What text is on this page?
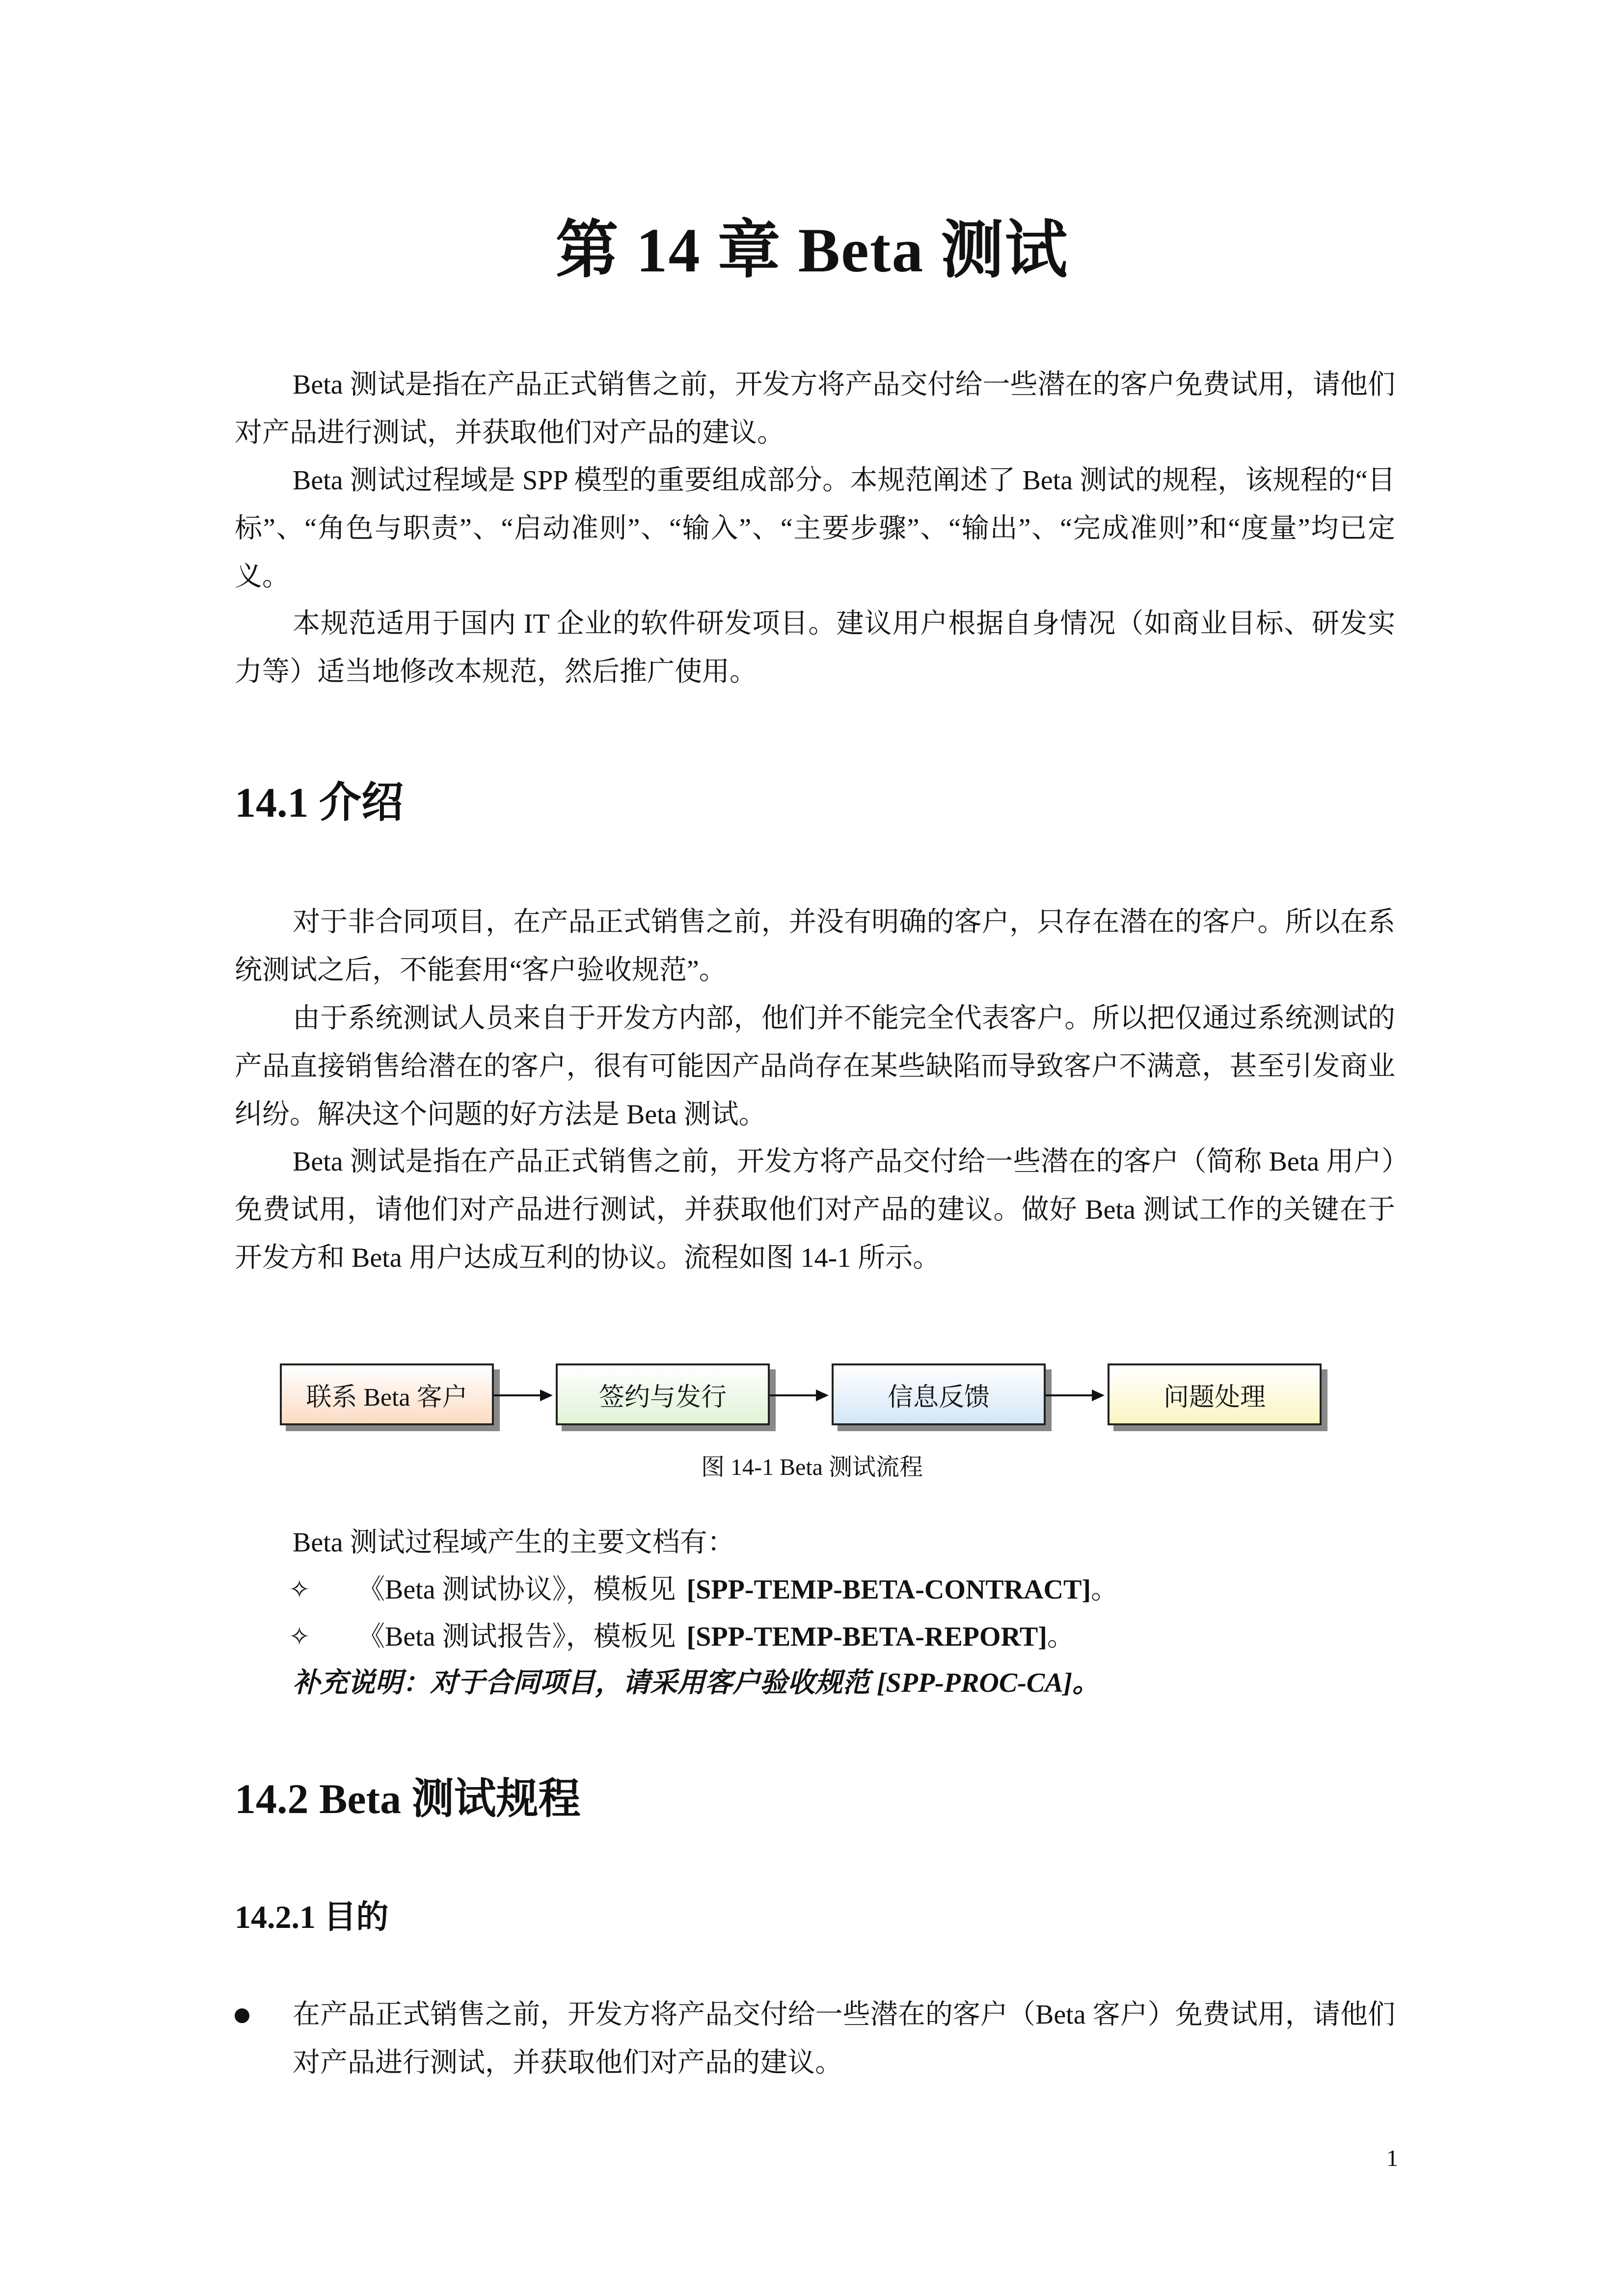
第 14 章 Beta 测试
Beta 测试是指在产品正式销售之前，开发方将产品交付给一些潜在的客户免费试用，请他们对产品进行测试，并获取他们对产品的建议。
Beta 测试过程域是 SPP 模型的重要组成部分。本规范阐述了 Beta 测试的规程，该规程的“目标”、“角色与职责”、“启动准则”、“输入”、“主要步骤”、“输出”、“完成准则”和“度量”均已定义。
本规范适用于国内 IT 企业的软件研发项目。建议用户根据自身情况（如商业目标、研发实力等）适当地修改本规范，然后推广使用。
14.1 介绍
对于非合同项目，在产品正式销售之前，并没有明确的客户，只存在潜在的客户。所以在系统测试之后，不能套用“客户验收规范”。
由于系统测试人员来自于开发方内部，他们并不能完全代表客户。所以把仅通过系统测试的产品直接销售给潜在的客户，很有可能因产品尚存在某些缺陷而导致客户不满意，甚至引发商业纠纷。解决这个问题的好方法是 Beta 测试。
Beta 测试是指在产品正式销售之前，开发方将产品交付给一些潜在的客户（简称 Beta 用户）免费试用，请他们对产品进行测试，并获取他们对产品的建议。做好 Beta 测试工作的关键在于开发方和 Beta 用户达成互利的协议。流程如图 14-1 所示。
联系 Beta 客户	签约与发行	信息反馈	问题处理
图 14-1 Beta 测试流程
Beta 测试过程域产生的主要文档有：
✧ 《Beta 测试协议》，模板见 [SPP-TEMP-BETA-CONTRACT]。
✧ 《Beta 测试报告》，模板见 [SPP-TEMP-BETA-REPORT]。
补充说明：对于合同项目，请采用客户验收规范 [SPP-PROC-CA]。
14.2 Beta 测试规程
14.2.1 目的
在产品正式销售之前，开发方将产品交付给一些潜在的客户（Beta 客户）免费试用，请他们对产品进行测试，并获取他们对产品的建议。
1
